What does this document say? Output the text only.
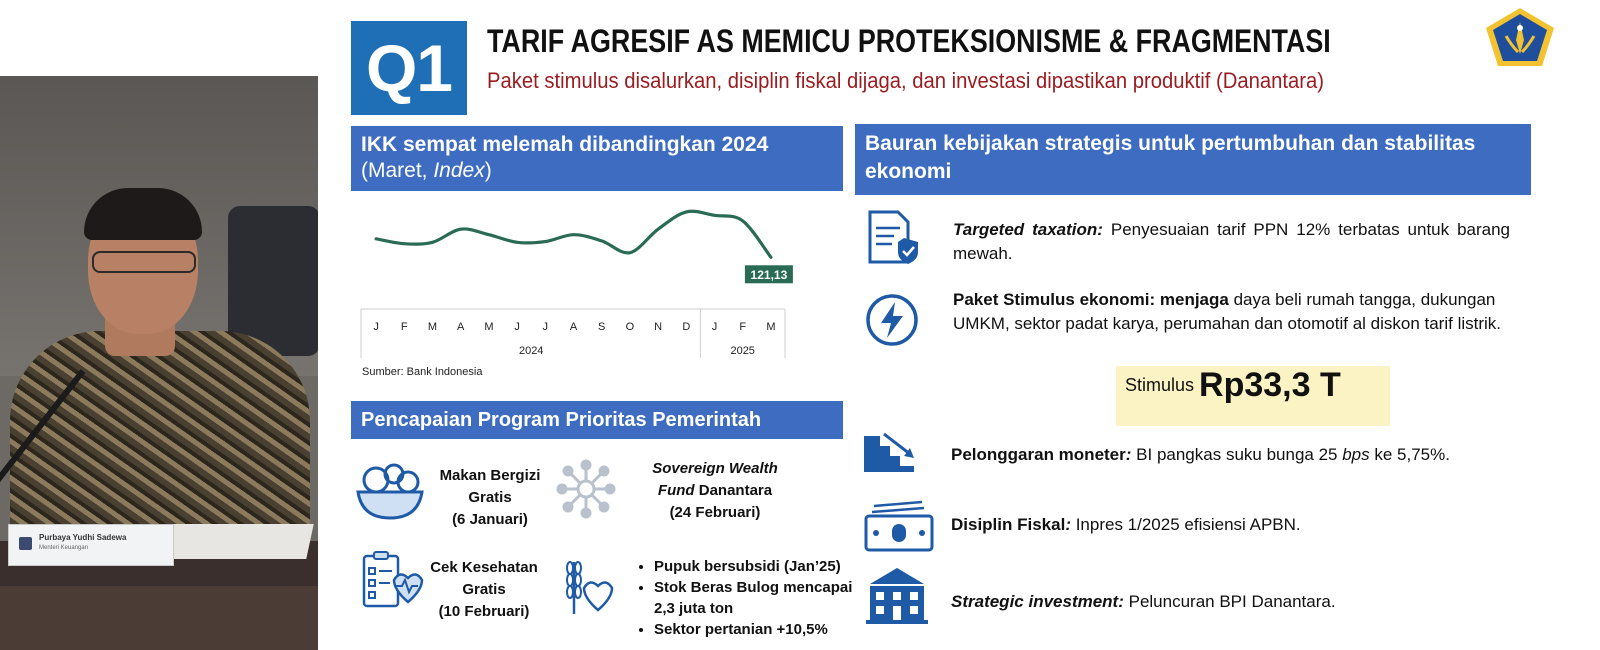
Purbaya Yudhi Sadewa
Menteri Keuangan
Q1	TARIF AGRESIF AS MEMICU PROTEKSIONISME & FRAGMENTASI
Paket stimulus disalurkan, disiplin fiskal dijaga, dan investasi dipastikan produktif (Danantara)
IKK sempat melemah dibandingkan 2024
(Maret, Index)
121,13
J F M A M J J A S O N D J F M
2024	2025
Sumber: Bank Indonesia
Pencapaian Program Prioritas Pemerintah
Makan Bergizi
Gratis
(6 Januari)
Sovereign Wealth
Fund Danantara
(24 Februari)
Cek Kesehatan
Gratis
(10 Februari)
• Pupuk bersubsidi (Jan’25)
• Stok Beras Bulog mencapai 2,3 juta ton
• Sektor pertanian +10,5%
Bauran kebijakan strategis untuk pertumbuhan dan stabilitas ekonomi
Targeted taxation: Penyesuaian tarif PPN 12% terbatas untuk barang mewah.
Paket Stimulus ekonomi: menjaga daya beli rumah tangga, dukungan UMKM, sektor padat karya, perumahan dan otomotif al diskon tarif listrik.
Stimulus Rp33,3 T
Pelonggaran moneter: BI pangkas suku bunga 25 bps ke 5,75%.
Disiplin Fiskal: Inpres 1/2025 efisiensi APBN.
Strategic investment: Peluncuran BPI Danantara.
